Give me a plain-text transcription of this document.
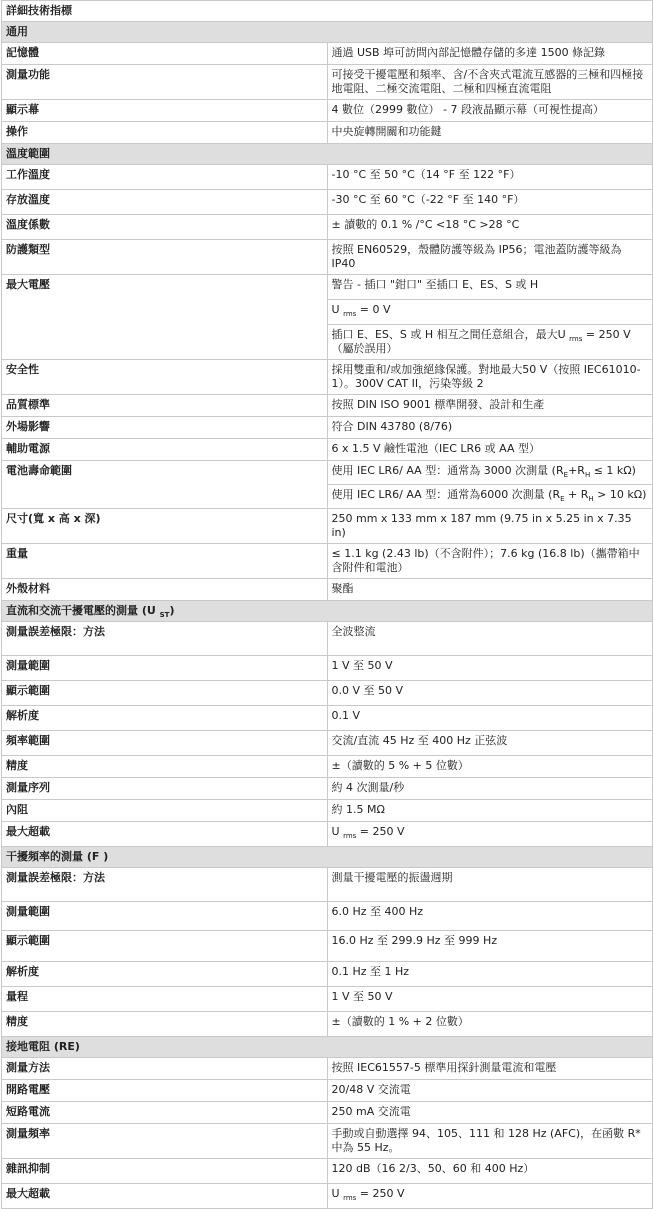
詳細技術指標	
通用	
記憶體	通過 USB 埠可訪問內部記憶體存儲的多達 1500 條記錄
測量功能	可接受干擾電壓和頻率、含/不含夾式電流互感器的三極和四極接地電阻、二極交流電阻、二極和四極直流電阻
顯示幕	4 數位（2999 數位） - 7 段液晶顯示幕（可視性提高）
操作	中央旋轉開關和功能鍵
溫度範圍	
工作溫度	-10 °C 至 50 °C（14 °F 至 122 °F）
存放溫度	-30 °C 至 60 °C（-22 °F 至 140 °F）
溫度係數	± 讀數的 0.1 % /°C <18 °C >28 °C
防護類型	按照 EN60529，殼體防護等級為 IP56；電池蓋防護等級為 IP40
最大電壓	警告 - 插口 "鉗口" 至插口 E、ES、S 或 H
	U $_{rms}$ = 0 V
	插口 E、ES、S 或 H 相互之間任意組合，最大U $_{rms}$ = 250 V（屬於誤用）
安全性	採用雙重和/或加強絕緣保護。對地最大50 V（按照 IEC61010-1）。300V CAT II，污染等級 2
品質標準	按照 DIN ISO 9001 標準開發、設計和生產
外場影響	符合 DIN 43780 (8/76)
輔助電源	6 x 1.5 V 鹼性電池（IEC LR6 或 AA 型）
電池壽命範圍	使用 IEC LR6/ AA 型：通常為 3000 次測量 ($R_E+R_H \le 1$ kΩ)
	使用 IEC LR6/ AA 型：通常為6000 次測量 ($R_E + R_H > 10$ kΩ)
尺寸(寬 x 高 x 深)	250 mm x 133 mm x 187 mm (9.75 in x 5.25 in x 7.35 in)
重量	≤ 1.1 kg (2.43 lb)（不含附件）；7.6 kg (16.8 lb)（攜帶箱中含附件和電池）
外殼材料	聚酯
直流和交流干擾電壓的測量 (U $_{ST}$)	
測量誤差極限：方法	全波整流
測量範圍	1 V 至 50 V
顯示範圍	0.0 V 至 50 V
解析度	0.1 V
頻率範圍	交流/直流 45 Hz 至 400 Hz 正弦波
精度	±（讀數的 5 % + 5 位數）
測量序列	約 4 次測量/秒
內阻	約 1.5 MΩ
最大超載	U $_{rms}$ = 250 V
干擾頻率的測量 (F )	
測量誤差極限：方法	測量干擾電壓的振盪週期
測量範圍	6.0 Hz 至 400 Hz
顯示範圍	16.0 Hz 至 299.9 Hz 至 999 Hz
解析度	0.1 Hz 至 1 Hz
量程	1 V 至 50 V
精度	±（讀數的 1 % + 2 位數）
接地電阻 (RE)	
測量方法	按照 IEC61557-5 標準用探針測量電流和電壓
開路電壓	20/48 V 交流電
短路電流	250 mA 交流電
測量頻率	手動或自動選擇 94、105、111 和 128 Hz (AFC)，在函數 R* 中為 55 Hz。
雜訊抑制	120 dB（16 2/3、50、60 和 400 Hz）
最大超載	U $_{rms}$ = 250 V
